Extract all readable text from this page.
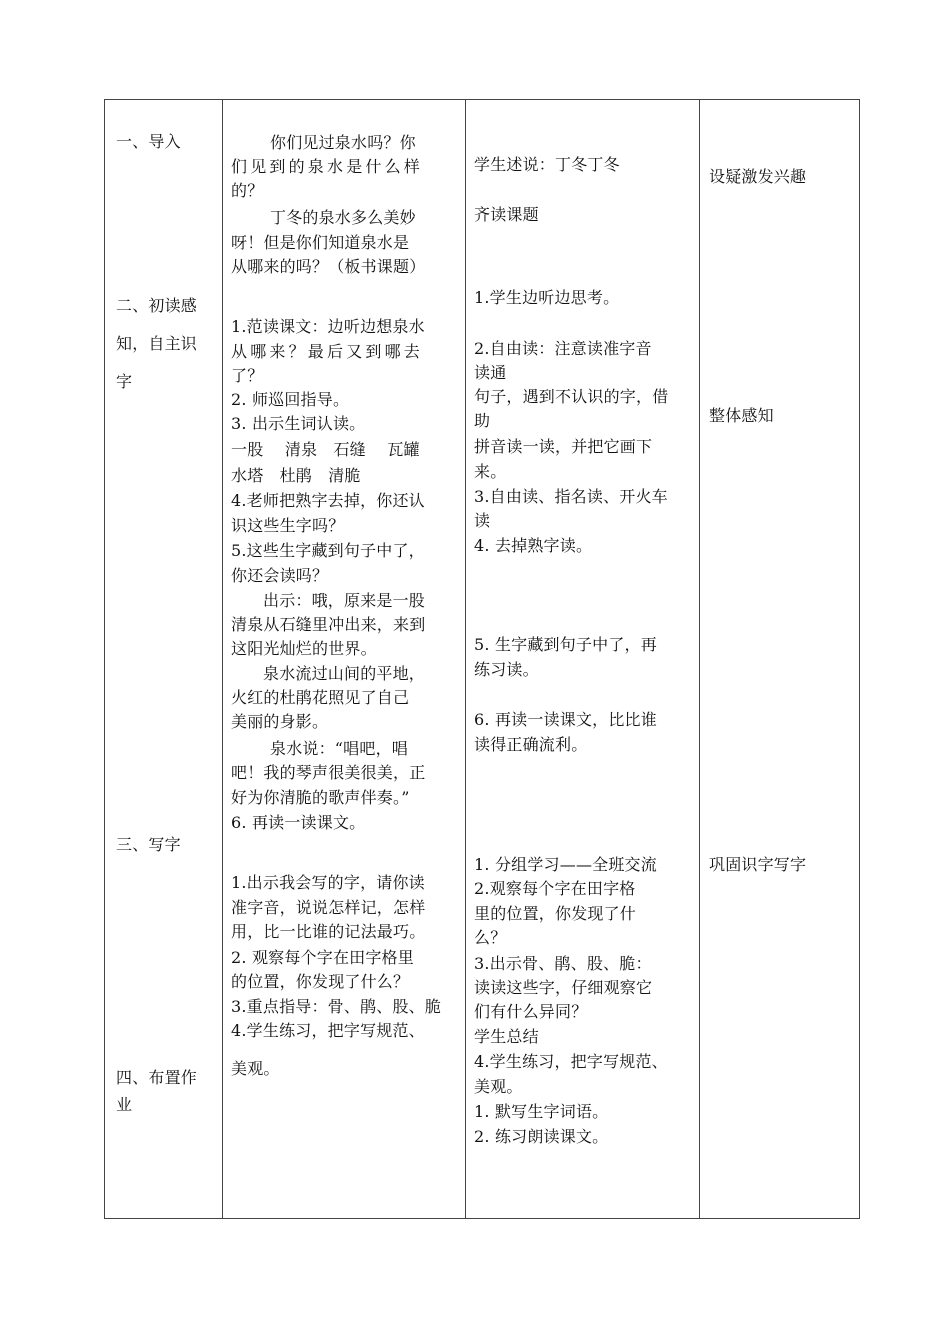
一、导入
二、初读感
知，自主识
字
三、写字
四、布置作
业
你们见过泉水吗？你
们见到的泉水是什么样
的？
丁冬的泉水多么美妙
呀！但是你们知道泉水是
从哪来的吗？（板书课题）
1.范读课文：边听边想泉水
从哪来？最后又到哪去
了？
2. 师巡回指导。
3. 出示生词认读。
一股　 清泉　石缝　 瓦罐
水塔　杜鹃　清脆
4.老师把熟字去掉，你还认
识这些生字吗？
5.这些生字藏到句子中了，
你还会读吗？
出示：哦，原来是一股
清泉从石缝里冲出来，来到
这阳光灿烂的世界。
泉水流过山间的平地，
火红的杜鹃花照见了自己
美丽的身影。
泉水说：“唱吧，唱
吧！我的琴声很美很美，正
好为你清脆的歌声伴奏。”
6. 再读一读课文。
1.出示我会写的字，请你读
准字音，说说怎样记，怎样
用，比一比谁的记法最巧。
2. 观察每个字在田字格里
的位置，你发现了什么？
3.重点指导：骨、鹃、股、脆
4.学生练习，把字写规范、
美观。
学生述说：丁冬丁冬
齐读课题
1.学生边听边思考。
2.自由读：注意读准字音
读通
句子，遇到不认识的字，借
助
拼音读一读，并把它画下
来。
3.自由读、指名读、开火车
读
4. 去掉熟字读。
5. 生字藏到句子中了，再
练习读。
6. 再读一读课文，比比谁
读得正确流利。
1. 分组学习——全班交流
2.观察每个字在田字格
里的位置，你发现了什
么？
3.出示骨、鹃、股、脆：
读读这些字，仔细观察它
们有什么异同？
学生总结
4.学生练习，把字写规范、
美观。
1. 默写生字词语。
2. 练习朗读课文。
设疑激发兴趣
整体感知
巩固识字写字
